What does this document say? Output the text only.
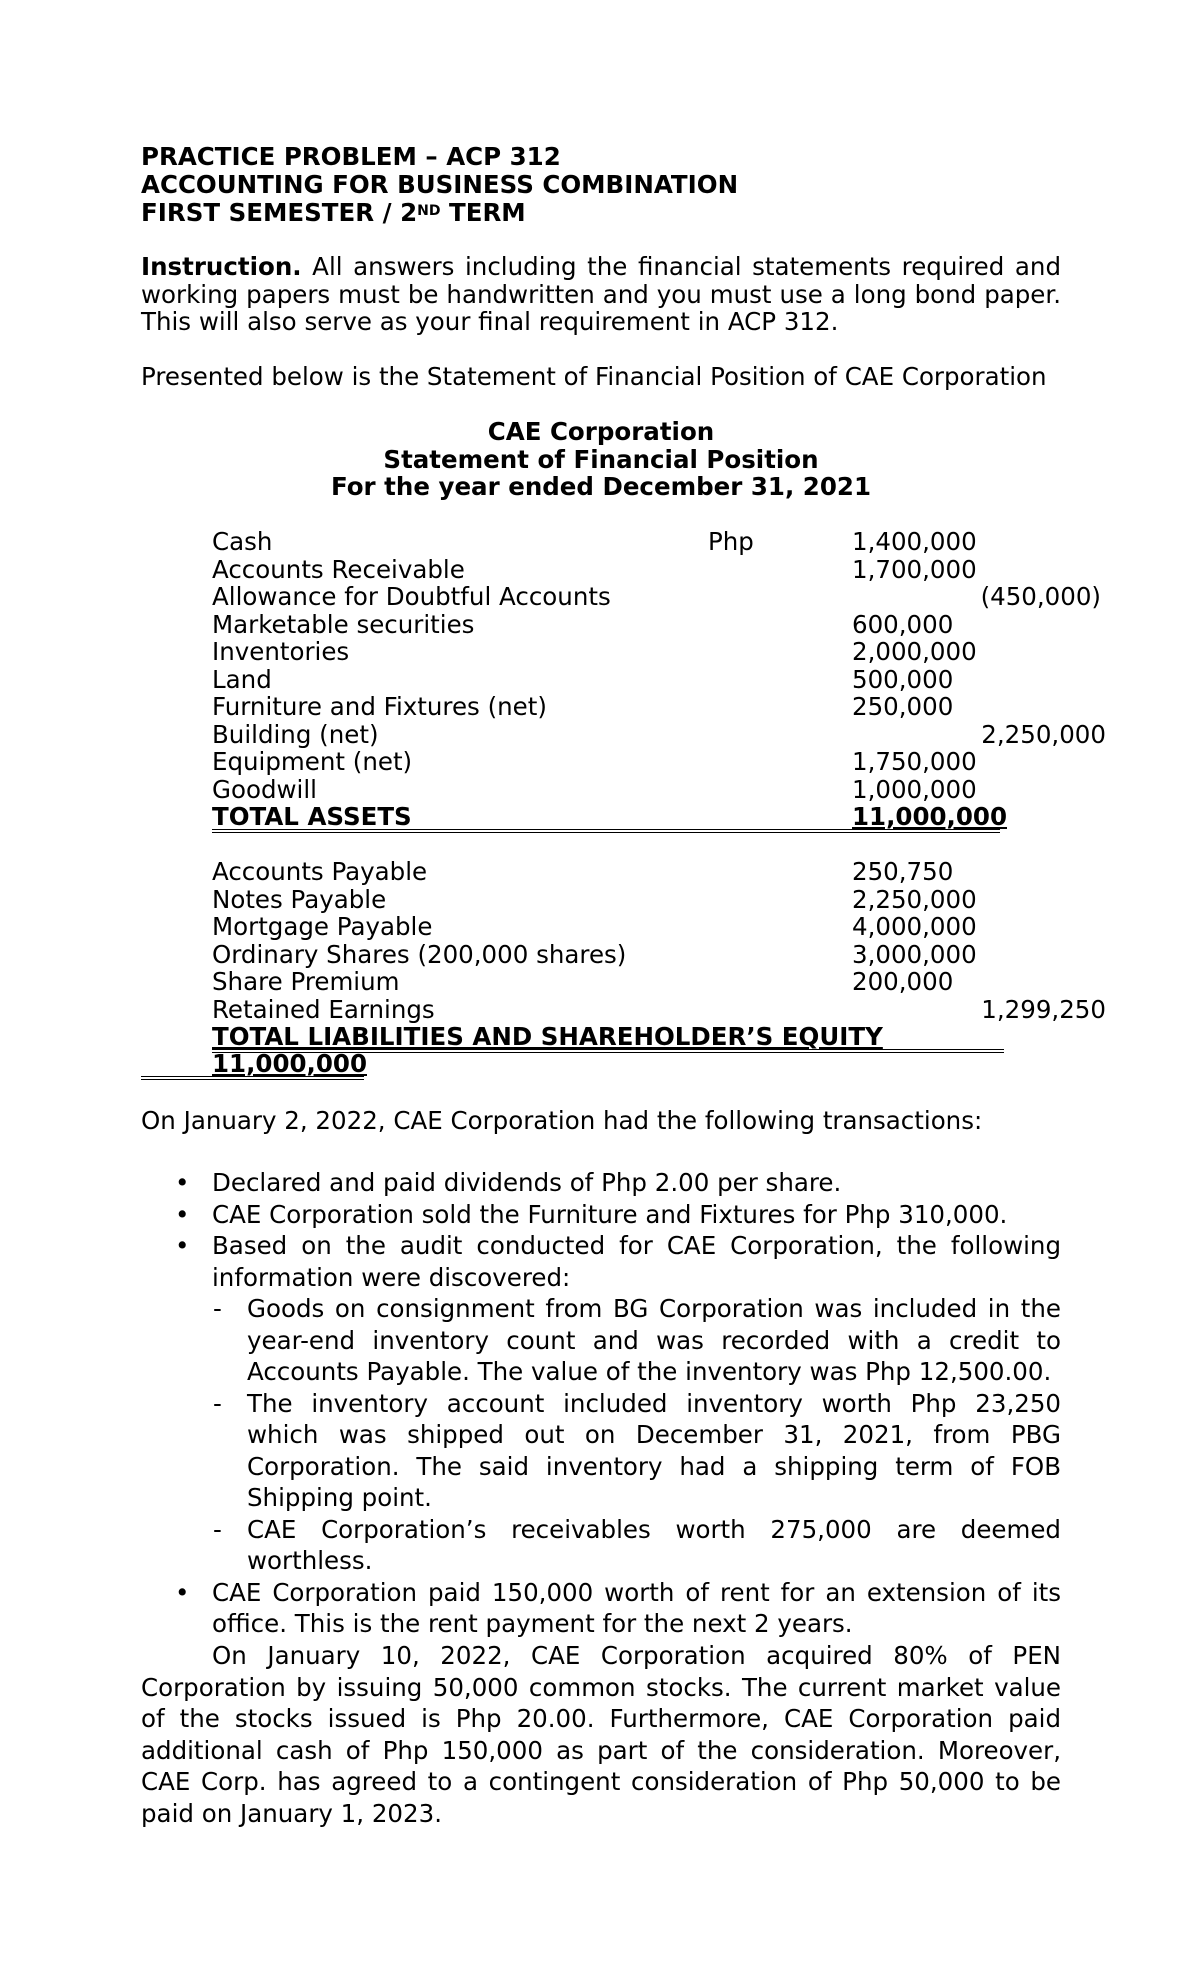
PRACTICE PROBLEM – ACP 312
ACCOUNTING FOR BUSINESS COMBINATION
FIRST SEMESTER / 2ND TERM
Instruction. All answers including the financial statements required and working papers must be handwritten and you must use a long bond paper. This will also serve as your final requirement in ACP 312.
Presented below is the Statement of Financial Position of CAE Corporation
CAE Corporation
Statement of Financial Position
For the year ended December 31, 2021
Cash	Php	1,400,000
Accounts Receivable	1,700,000
Allowance for Doubtful Accounts	(450,000)
Marketable securities	600,000
Inventories	2,000,000
Land	500,000
Furniture and Fixtures (net)	250,000
Building (net)	2,250,000
Equipment (net)	1,750,000
Goodwill	1,000,000
TOTAL ASSETS	11,000,000
Accounts Payable	250,750
Notes Payable	2,250,000
Mortgage Payable	4,000,000
Ordinary Shares (200,000 shares)	3,000,000
Share Premium	200,000
Retained Earnings	1,299,250
TOTAL LIABILITIES AND SHAREHOLDER’S EQUITY
11,000,000
On January 2, 2022, CAE Corporation had the following transactions:
• Declared and paid dividends of Php 2.00 per share.
• CAE Corporation sold the Furniture and Fixtures for Php 310,000.
• Based on the audit conducted for CAE Corporation, the following information were discovered:
- Goods on consignment from BG Corporation was included in the year-end inventory count and was recorded with a credit to Accounts Payable. The value of the inventory was Php 12,500.00.
- The inventory account included inventory worth Php 23,250 which was shipped out on December 31, 2021, from PBG Corporation. The said inventory had a shipping term of FOB Shipping point.
- CAE Corporation’s receivables worth 275,000 are deemed worthless.
• CAE Corporation paid 150,000 worth of rent for an extension of its office. This is the rent payment for the next 2 years.
On January 10, 2022, CAE Corporation acquired 80% of PEN Corporation by issuing 50,000 common stocks. The current market value of the stocks issued is Php 20.00. Furthermore, CAE Corporation paid additional cash of Php 150,000 as part of the consideration. Moreover, CAE Corp. has agreed to a contingent consideration of Php 50,000 to be paid on January 1, 2023.
